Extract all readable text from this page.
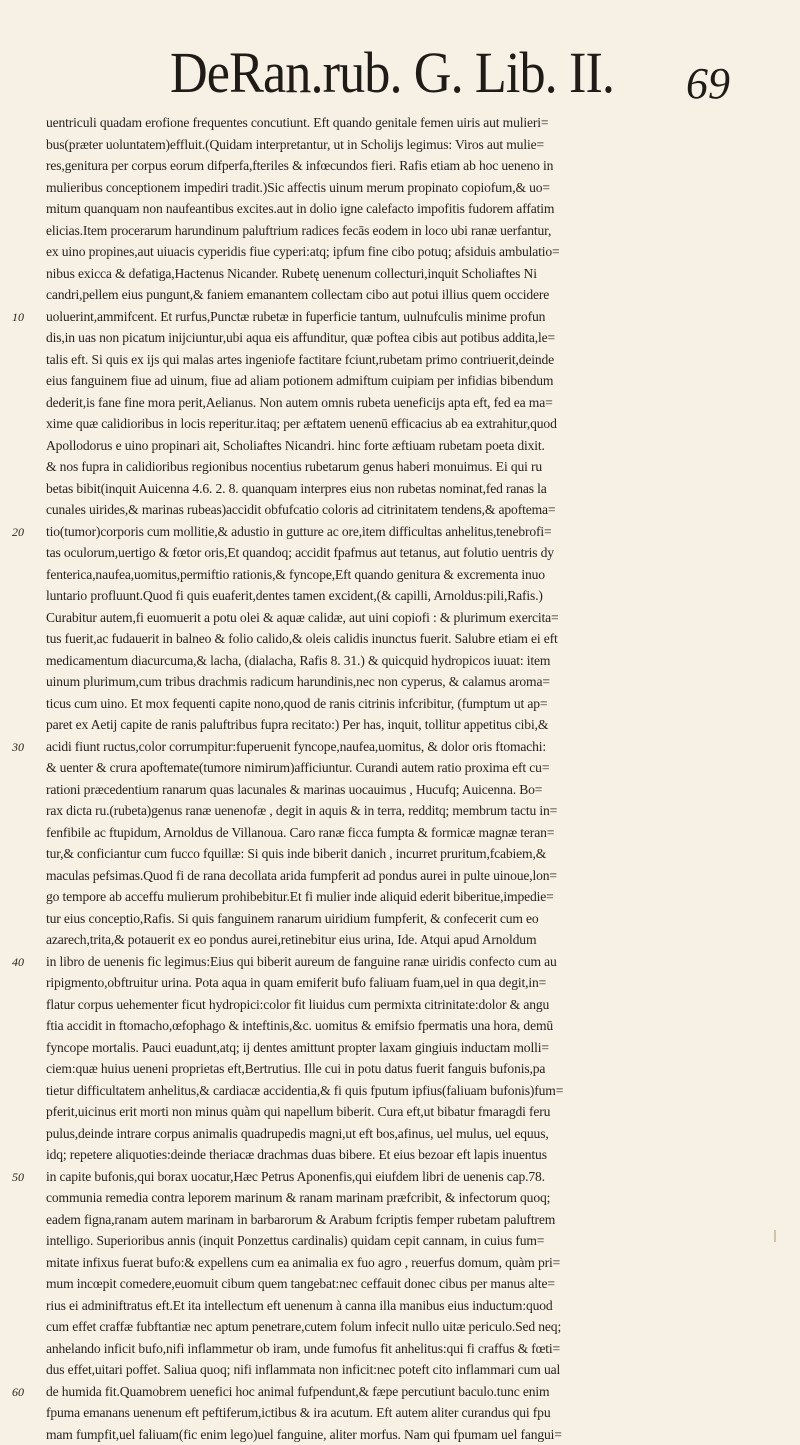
DeRan.rub. G. Lib. II. 69
10
20
30
40
50
60
uentriculi quadam erofione frequentes concutiunt. Eft quando genitale femen uiris aut mulieri=
bus(præter uoluntatem)effluit.(Quidam interpretantur, ut in Scholijs legimus: Viros aut mulie=
res,genitura per corpus eorum difperfa,fteriles & infœcundos fieri. Rafis etiam ab hoc ueneno in
mulieribus conceptionem impediri tradit.)Sic affectis uinum merum propinato copiofum,& uo=
mitum quanquam non naufeantibus excites.aut in dolio igne calefacto impofitis fudorem affatim
elicias.Item procerarum harundinum paluftrium radices fecās eodem in loco ubi ranæ uerfantur,
ex uino propines,aut uiuacis cyperidis fiue cyperi:atq; ipfum fine cibo potuq; afsiduis ambulatio=
nibus exiccа & defatiga,Hactenus Nicander. Rubetę uenenum collecturi,inquit Scholiaftes Ni
candri,pellem eius pungunt,& faniem emanantem collectam cibo aut potui illius quem occidere
uoluerint,ammifcent. Et rurfus,Punctæ rubetæ in fuperficie tantum, uulnufculis minime profun
dis,in uas non picatum inijciuntur,ubi aqua eis affunditur, quæ poftea cibis aut potibus addita,le=
talis eft. Si quis ex ijs qui malas artes ingeniofe factitare fciunt,rubetam primo contriuerit,deinde
eius fanguinem fiue ad uinum, fiue ad aliam potionem admiftum cuipiam per infidias bibendum
dederit,is fane fine mora perit,Aelianus. Non autem omnis rubeta ueneficijs apta eft, fed ea ma=
xime quæ calidioribus in locis reperitur.itaq; per æftatem uenenū efficacius ab ea extrahitur,quod
Apollodorus e uino propinari ait, Scholiaftes Nicandri. hinc forte æftiuam rubetam poeta dixit.
& nos fupra in calidioribus regionibus nocentius rubetarum genus haberi monuimus. Ei qui ru
betas bibit(inquit Auicenna 4.6. 2. 8. quanquam interpres eius non rubetas nominat,fed ranas la
cunales uirides,& marinas rubeas)accidit obfufcatio coloris ad citrinitatem tendens,& apoftema=
tio(tumor)corporis cum mollitie,& adustio in gutture ac ore,item difficultas anhelitus,tenebrofi=
tas oculorum,uertigo & fœtor oris,Et quandoq; accidit fpafmus aut tetanus, aut folutio uentris dy
fenterica,naufea,uomitus,permiftio rationis,& fyncope,Eft quando genitura & excrementa inuo
luntario profluunt.Quod fi quis euaferit,dentes tamen excident,(& capilli, Arnoldus:pili,Rafis.)
Curabitur autem,fi euomuerit a potu olei & aquæ calidæ, aut uini copiofi : & plurimum exercita=
tus fuerit,ac fudauerit in balneo & folio calido,& oleis calidis inunctus fuerit. Salubre etiam ei eft
medicamentum diacurcuma,& lacha, (dialacha, Rafis 8. 31.) & quicquid hydropicos iuuat: item
uinum plurimum,cum tribus drachmis radicum harundinis,nec non cyperus, & calamus aroma=
ticus cum uino. Et mox fequenti capite nono,quod de ranis citrinis infcribitur, (fumptum ut ap=
paret ex Aetij capite de ranis paluftribus fupra recitato:) Per has, inquit, tollitur appetitus cibi,&
acidi fiunt ructus,color corrumpitur:fuperuenit fyncope,naufea,uomitus, & dolor oris ftomachi:
& uenter & crura apoftemate(tumore nimirum)afficiuntur. Curandi autem ratio proxima eft cu=
rationi præcedentium ranarum quas lacunales & marinas uocauimus , Hucufq; Auicenna. Bo=
rax dicta ru.(rubeta)genus ranæ uenenofæ , degit in aquis & in terra, redditq; membrum tactu in=
fenfibile ac ftupidum, Arnoldus de Villanoua. Caro ranæ ficca fumpta & formicæ magnæ teran=
tur,& conficiantur cum fucco fquillæ: Si quis inde biberit danich , incurret pruritum,fcabiem,&
maculas pefsimas.Quod fi de rana decollata arida fumpferit ad pondus aurei in pulte uinoue,lon=
go tempore ab acceffu mulierum prohibebitur.Et fi mulier inde aliquid ederit biberitue,impedie=
tur eius conceptio,Rafis. Si quis fanguinem ranarum uiridium fumpferit, & confecerit cum eo
azarech,trita,& potauerit ex eo pondus aurei,retinebitur eius urina, Ide. Atqui apud Arnoldum
in libro de uenenis fic legimus:Eius qui biberit aureum de fanguine ranæ uiridis confecto cum au
ripigmento,obftruitur urina. Pota aqua in quam emiferit bufo faliuam fuam,uel in qua degit,in=
flatur corpus uehementer ficut hydropici:color fit liuidus cum permixta citrinitate:dolor & angu
ftia accidit in ftomacho,œfophago & inteftinis,&c. uomitus & emifsio fpermatis una hora, demū
fyncope mortalis. Pauci euadunt,atq; ij dentes amittunt propter laxam gingiuis inductam molli=
ciem:quæ huius ueneni proprietas eft,Bertrutius. Ille cui in potu datus fuerit fanguis bufonis,pa
tietur difficultatem anhelitus,& cardiacæ accidentia,& fi quis fputum ipfius(faliuam bufonis)fum=
pferit,uicinus erit morti non minus quàm qui napellum biberit. Cura eft,ut bibatur fmaragdi feru
pulus,deinde intrare corpus animalis quadrupedis magni,ut eft bos,afinus, uel mulus, uel equus,
idq; repetere aliquoties:deinde theriacæ drachmas duas bibere. Et eius bezoar eft lapis inuentus
in capite bufonis,qui borax uocatur,Hæc Petrus Aponenfis,qui eiufdem libri de uenenis cap.78.
communia remedia contra leporem marinum & ranam marinam præfcribit, & infectorum quoq;
eadem figna,ranam autem marinam in barbarorum & Arabum fcriptis femper rubetam paluftrem
intelligo. Superioribus annis (inquit Ponzettus cardinalis) quidam cepit cannam, in cuius fum=
mitate infixus fuerat bufo:& expellens cum ea animalia ex fuo agro , reuerfus domum, quàm pri=
mum incœpit comedere,euomuit cibum quem tangebat:nec ceffauit donec cibus per manus alte=
rius ei adminiftratus eft.Et ita intellectum eft uenenum à canna illa manibus eius inductum:quod
cum effet craffæ fubftantiæ nec aptum penetrare,cutem folum infecit nullo uitæ periculo.Sed neq;
anhelando inficit bufo,nifi inflammetur ob iram, unde fumofus fit anhelitus:qui fi craffus & fœti=
dus effet,uitari poffet. Saliua quoq; nifi inflammata non inficit:nec poteft cito inflammari cum ual
de humida fit.Quamobrem uenefici hoc animal fufpendunt,& fæpe percutiunt baculo.tunc enim
fpuma emanans uenenum eft peftiferum,ictibus & ira acutum. Eft autem aliter curandus qui fpu
mam fumpfit,uel faliuam(fic enim lego)uel fanguine, aliter morfus. Nam qui fpumam uel fangui=
